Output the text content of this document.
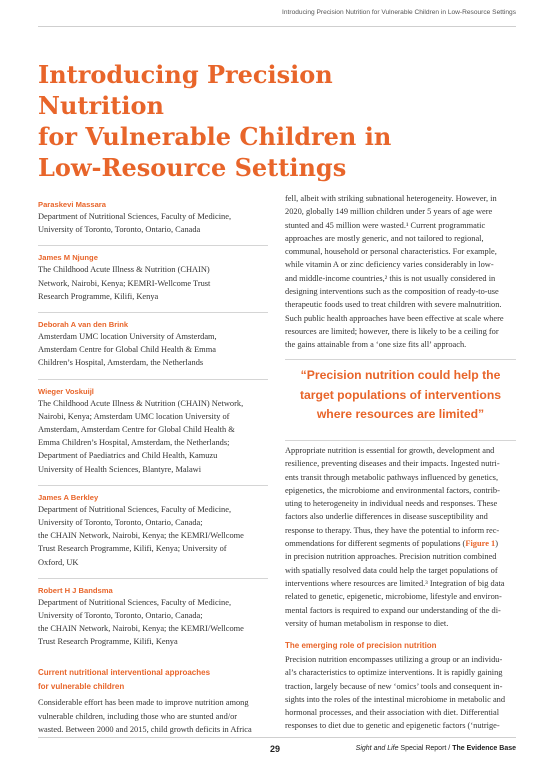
Introducing Precision Nutrition for Vulnerable Children in Low-Resource Settings
Introducing Precision Nutrition
for Vulnerable Children in
Low-Resource Settings
Paraskevi Massara
Department of Nutritional Sciences, Faculty of Medicine,
University of Toronto, Toronto, Ontario, Canada
James M Njunge
The Childhood Acute Illness & Nutrition (CHAIN)
Network, Nairobi, Kenya; KEMRI-Wellcome Trust
Research Programme, Kilifi, Kenya
Deborah A van den Brink
Amsterdam UMC location University of Amsterdam,
Amsterdam Centre for Global Child Health & Emma
Children’s Hospital, Amsterdam, the Netherlands
Wieger Voskuijl
The Childhood Acute Illness & Nutrition (CHAIN) Network,
Nairobi, Kenya; Amsterdam UMC location University of
Amsterdam, Amsterdam Centre for Global Child Health &
Emma Children’s Hospital, Amsterdam, the Netherlands;
Department of Paediatrics and Child Health, Kamuzu
University of Health Sciences, Blantyre, Malawi
James A Berkley
Department of Nutritional Sciences, Faculty of Medicine,
University of Toronto, Toronto, Ontario, Canada;
the CHAIN Network, Nairobi, Kenya; the KEMRI/Wellcome
Trust Research Programme, Kilifi, Kenya; University of
Oxford, UK
Robert H J Bandsma
Department of Nutritional Sciences, Faculty of Medicine,
University of Toronto, Toronto, Ontario, Canada;
the CHAIN Network, Nairobi, Kenya; the KEMRI/Wellcome
Trust Research Programme, Kilifi, Kenya
Current nutritional interventional approaches
for vulnerable children
Considerable effort has been made to improve nutrition among
vulnerable children, including those who are stunted and/or
wasted. Between 2000 and 2015, child growth deficits in Africa
fell, albeit with striking subnational heterogeneity. However, in
2020, globally 149 million children under 5 years of age were
stunted and 45 million were wasted.¹ Current programmatic
approaches are mostly generic, and not tailored to regional,
communal, household or personal characteristics. For example,
while vitamin A or zinc deficiency varies considerably in low-
and middle-income countries,² this is not usually considered in
designing interventions such as the composition of ready-to-use
therapeutic foods used to treat children with severe malnutrition.
Such public health approaches have been effective at scale where
resources are limited; however, there is likely to be a ceiling for
the gains attainable from a ‘one size fits all’ approach.
“Precision nutrition could help the
target populations of interventions
where resources are limited”
Appropriate nutrition is essential for growth, development and
resilience, preventing diseases and their impacts. Ingested nutri-
ents transit through metabolic pathways influenced by genetics,
epigenetics, the microbiome and environmental factors, contrib-
uting to heterogeneity in individual needs and responses. These
factors also underlie differences in disease susceptibility and
response to therapy. Thus, they have the potential to inform rec-
ommendations for different segments of populations (Figure 1)
in precision nutrition approaches. Precision nutrition combined
with spatially resolved data could help the target populations of
interventions where resources are limited.³ Integration of big data
related to genetic, epigenetic, microbiome, lifestyle and environ-
mental factors is required to expand our understanding of the di-
versity of human metabolism in response to diet.
The emerging role of precision nutrition
Precision nutrition encompasses utilizing a group or an individu-
al’s characteristics to optimize interventions. It is rapidly gaining
traction, largely because of new ‘omics’ tools and consequent in-
sights into the roles of the intestinal microbiome in metabolic and
hormonal processes, and their association with diet. Differential
responses to diet due to genetic and epigenetic factors (‘nutrige-
29	Sight and Life Special Report / The Evidence Base
